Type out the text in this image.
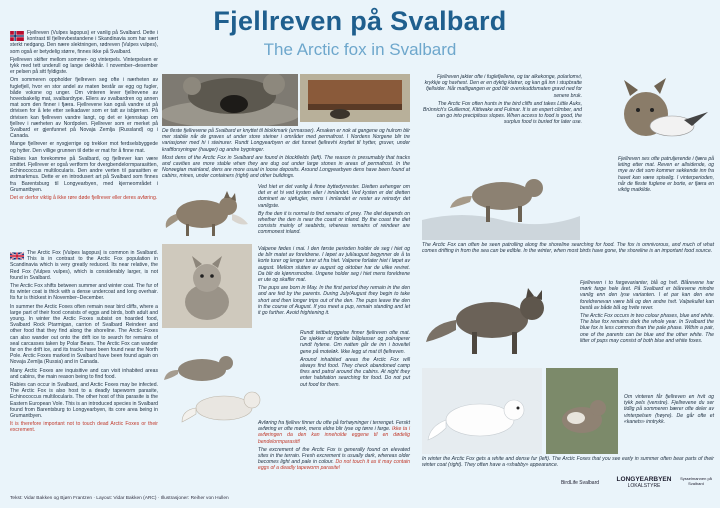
Fjellreven på Svalbard
The Arctic fox in Svalbard

Fjellreven (Vulpes lagopus) er vanlig på Svalbard. Dette i kontrast til fjellrevbestandene i Skandinavia som har vært sterkt nedgang. Den nære slektningen, rødreven (Vulpes vulpes), som også er betydelig større, finnes ikke på Svalbard.

Fjellreven skifter mellom sommer- og vinterpels. Vinterpelsen er tykk med tett underull og lange dekkhår. I november–desember er pelsen på sitt fyldigste.

Om sommeren oppholder fjellreven seg ofte i nærheten av fuglefjell, hvor en stor andel av maten består av egg og fugler, både voksne og unger. Om vinteren lever fjellrevene av hovedsakelig mat, svalbardrype. Ellers av svalbardren og annen mat som den finner i fjæra. Fjellrevene kan også vandre ut på drivisen for å lete etter selkadaver som er tatt av isbjørnen. På drivisen kan fjellreven vandre langt, og det er kjennskap om fjellrev i nærheten av Nordpolen. Fjellrever som er merket på Svalbard er gjenfunnet på Novaja Zemlja (Russland) og i Canada.

Mange fjellrever er nysgjerrige og trekker mot ferdselsbyggede og hytter. Den villige grunnen til dette er mat for å finne mat.

Rabies kan forekomme på Svalbard, og fjellrever kan være smittet. Fjellrever er også vertform for dvergbendelormparasitten, Echinococcus multilocularis. Den andre verten til parasitten er østmarkmus. Dette er en introdusert art på Svalbard som finnes fra Barentsburg til Longyearbyen, med kjerneområdet i Grumantbyen.

Det er derfor viktig å ikke røre døde fjellrever eller deres avføring.

The Arctic Fox (Vulpes lagopus) is common in Svalbard. This is in contrast to the Arctic Fox population in Scandinavia which is very greatly reduced. Its near relative, the Red Fox (Vulpes vulpes), which is considerably larger, is not found in Svalbard.

The Arctic Fox shifts between summer and winter coat. The fur of its winter coat is thick with a dense undercoat and long overhair. Its fur is thickest in November–December.

In summer the Arctic Foxes often remain near bird cliffs, where a large part of their food consists of eggs and birds, both adult and young. In winter the Arctic Foxes subsist on hoarded food, Svalbard Rock Ptarmigan, carrion of Svalbard Reindeer and other food that they find along the shoreline. The Arctic Foxes can also wander out onto the drift ice to search for remains of seal carcasses taken by Polar Bears. The Arctic Fox can wander far on the drift ice, and its tracks have been found near the North Pole. Arctic Foxes marked in Svalbard have been found again on Novaja Zemlja (Russia) and in Canada.

Many Arctic Foxes are inquisitive and can visit inhabited areas and cabins, the main reason being to find food.

Rabies can occur in Svalbard, and Arctic Foxes may be infected. The Arctic Fox is also host to a deadly tapeworm parasite, Echinococcus multilocularis. The other host of this parasite is the Eastern European Vole. This is an introduced species in Svalbard found from Barentsburg to Longyearbyen, its core area being in Grumantbyen.

It is therefore important not to touch dead Arctic Foxes or their excrement.

De fleste fjellrevene på Svalbard er knyttet til blokkmark (urmasser). Årsaken er nok at gangene og hulrom blir mer stabile når de graves ut under store steiner i områder med permafrost. I Nordens Norgene blir tre variasjoner med hi i steinurer. Rundt Longyearbyen er det funnet fjellrevhi knyttet til hytter, gruver, under kraftforsyninger (hauger) og andre bygninger.

Most dens of the Arctic Fox in Svalbard are found in blockfields (left). The reason is presumably that tracks and cavities are more stable when they are dug out under large stones in areas of permafrost. In the Norwegian mainland, dens are more usual in loose deposits. Around Longyearbyen dens have been found at cabins, mines, under containers (right) and other buildings.

Ved hiet er det vanlig å finne byttedyrrester. Dietten avhenger om det er et hi ved kysten eller i innlandet. Ved kysten er det dietten dominert av sjøfugler, mens i innlandet er rester av reinsdyr det vanligste.

By the den it is normal to find remains of prey. The diet depends on whether the den is near the coast or inland. By the coast the diet consists mainly of seabirds, whereas remains of reindeer are commonest inland.

Valpene fødes i mai. I den første perioden holder de seg i hiet og de blir matet av foreldrene. I løpet av juli/august begynner de å ta korte turer og lenger turer ut fra hiet. Valpene forlater hiet i løpet av august. Mellom slutten av august og oktober har de ulike reviret. Da blir de kjønnsmodne. Ungene holder seg i hiet mens foreldrene er ute og skaffer mat.

The pups are born in May. In the first period they remain in the den and are fed by the parents. During July/August they begin to take short and then longer trips out of the den. The pups leave the den in the course of August. If you meet a pup, remain standing and let it go further. Avoid frightening it.

Rundt tettbebyggelse finner fjellreven ofte mat. De sjekker ut forlatte bålplasser og polrulperer rundt hytene. Om natten går de inn i boveitel gene på moteløk. Ikke legg ut mat til fjellreven.

Around inhabited areas the Arctic Fox will always find food. They check abandoned camp fires and patrol around the cabins. At night they enter habitation searching for food. Do not put out food for them.

Avføring fra fjellrev finner du ofte på forhøyninger i terrenget. Ferskt avføring er ofte mørk, mens eldre blir lyse og tørre i farge. Ikke ta i avføringen da den kan inneholde eggene til en dødelig bendelormparasitt!

The excrement of the Arctic Fox is generally found on elevated sites in the terrain. Fresh excrement is usually dark, whereas older becomes light and pale in colour. Do not touch it as it may contain eggs of a deadly tapeworm parasite!

Fjellreven jakter ofte i fuglefjellene, og tar alkekonge, polarlomvi, krykkje og havhest. Den er en dyktig klatrer, og kan gå inn i stupbratte fjellsider. Når matligangen er god blir overskuddsmaten gravd ned for senere bruk.

The Arctic Fox often hunts in the bird cliffs and takes Little Auks, Brünnich's Guillemot, Kittiwake and Fulmar. It is an expert climber, and can go into precipitous slopes. When access to food is good, the surplus food is buried for later use.

Fjellreven ses ofte patruljerende i fjæra på leting etter mat. Reven er allsidende, og mye av det som kommer sekkende inn fra havet kan være spiselig. I vinterperioden, når de fleste fuglene er borte, er fjæra en viktig matkilde.

The Arctic Fox can often be seen patrolling along the shoreline searching for food. The fox is omnivorous, and much of what comes drifting in from the sea can be edible. In the winter, when most birds have gone, the shoreline is an important food source.

Fjellreven i to fargevarianter, blå og hvit. Blårevene har mørk farge hele året. På Svalbard er blårevene mindre vanlig enn den lyse varianten. I et par kan den ene foreldrenevan være blå og den andre hvit. Valpekullet kan bestå av både blå og hvite rever.

The Arctic Fox occurs in two colour phases, blue and white. The blue fox remains dark the whole year. In Svalbard the blue fox is less common than the pale phase. Within a pair, one of the parents can be blue and the other white. The litter of pups may consist of both blue and white foxes.

Om vinteren får fjellreven en hvit og tykk pels (venstre). Fjellrevene du ser tidlig på sommeren bærer ofte deler av vinterpelsen (høyre). De går ofte et «kanets» inntrykk.

In winter the Arctic Fox gets a white and dense fur (left). The Arctic Foxes that you see early in summer often bear parts of their winter coat (right). They often have a «shabby» appearance.

BirdLife Svalbard	LONGYEARBYEN
LOKALSTYRE
Sysselmannen på Svalbard
Tekst: Vidar Bakken og Bjørn Frantzen · Layout: Vidar Bakken (ARC) · Illustrasjoner: Reiher von Hullen
